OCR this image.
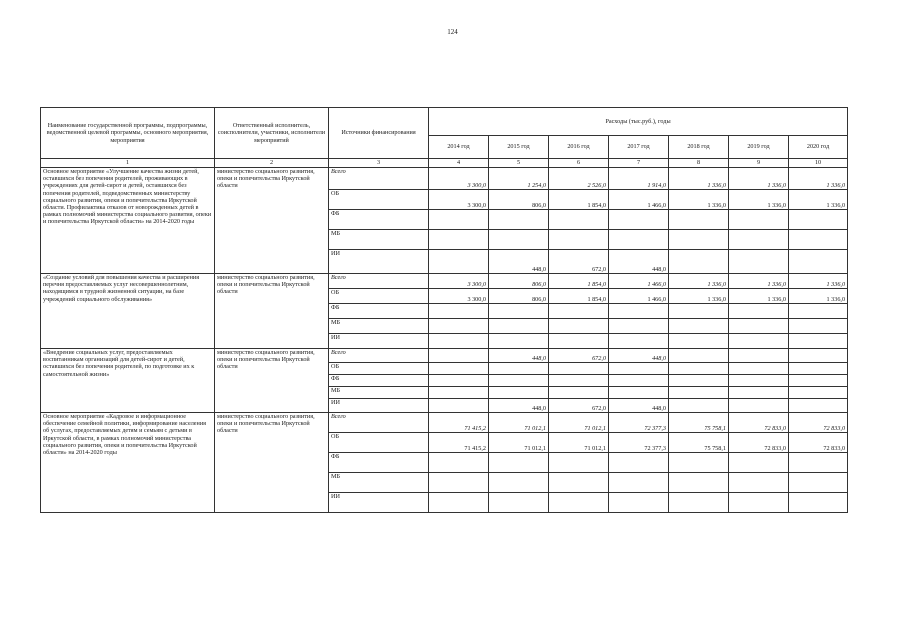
124
Наименование государственной программы, подпрограммы, ведомственной целевой программы, основного мероприятия, мероприятия	Ответственный исполнитель, соисполнители, участники, исполнители мероприятий	Источники финансирования	Расходы (тыс.руб.), годы						
			2014 год	2015 год	2016 год	2017 год	2018 год	2019 год	2020 год
1	2	3	4	5	6	7	8	9	10
Основное мероприятие «Улучшение качества жизни детей, оставшихся без попечения родителей, проживающих в учреждениях для детей-сирот и детей, оставшихся без попечения родителей, подведомственных министерству социального развития, опеки и попечительства Иркутской области. Профилактика отказов от новорожденных детей в рамках полномочий министерства социального развития, опеки и попечительства Иркутской области» на 2014-2020 годы	министерство социального развития, опеки и попечительства Иркутской области	Всего	3 300,0	1 254,0	2 526,0	1 914,0	1 336,0	1 336,0	1 336,0
		ОБ	3 300,0	806,0	1 854,0	1 466,0	1 336,0	1 336,0	1 336,0
		ФБ							
		МБ							
		ИИ		448,0	672,0	448,0			
«Создание условий для повышения качества и расширения перечня предоставляемых услуг несовершеннолетним, находящимся в трудной жизненной ситуации, на базе учреждений социального обслуживания»	министерство социального развития, опеки и попечительства Иркутской области	Всего	3 300,0	806,0	1 854,0	1 466,0	1 336,0	1 336,0	1 336,0
		ОБ	3 300,0	806,0	1 854,0	1 466,0	1 336,0	1 336,0	1 336,0
		ФБ							
		МБ							
		ИИ							
«Внедрение социальных услуг, предоставляемых воспитанникам организаций для детей-сирот и детей, оставшихся без попечения родителей, по подготовке их к самостоятельной жизни»	министерство социального развития, опеки и попечительства Иркутской области	Всего		448,0	672,0	448,0			
		ОБ							
		ФБ							
		МБ							
		ИИ		448,0	672,0	448,0			
Основное мероприятие «Кадровое и информационное обеспечение семейной политики, информирование населения об услугах, предоставляемых детям и семьям с детьми в Иркутской области, в рамках полномочий министерства социального развития, опеки и попечительства Иркутской области» на 2014-2020 годы	министерство социального развития, опеки и попечительства Иркутской области	Всего	71 415,2	71 012,1	71 012,1	72 377,3	75 758,1	72 833,0	72 833,0
		ОБ	71 415,2	71 012,1	71 012,1	72 377,3	75 758,1	72 833,0	72 833,0
		ФБ							
		МБ							
		ИИ							
